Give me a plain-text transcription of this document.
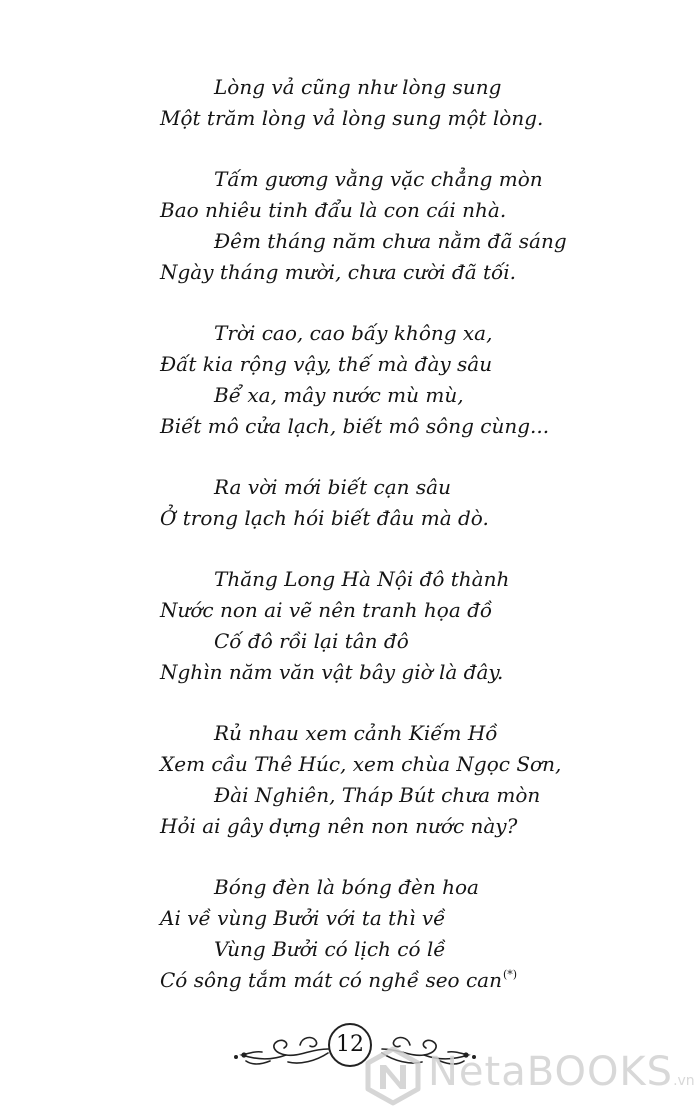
Lòng vả cũng như lòng sung
Một trăm lòng vả lòng sung một lòng.
Tấm gương vằng vặc chẳng mòn
Bao nhiêu tinh đẩu là con cái nhà.
Đêm tháng năm chưa nằm đã sáng
Ngày tháng mười, chưa cười đã tối.
Trời cao, cao bấy không xa,
Đất kia rộng vậy, thế mà đày sâu
Bể xa, mây nước mù mù,
Biết mô cửa lạch, biết mô sông cùng...
Ra vời mới biết cạn sâu
Ở trong lạch hói biết đâu mà dò.
Thăng Long Hà Nội đô thành
Nước non ai vẽ nên tranh họa đồ
Cố đô rồi lại tân đô
Nghìn năm văn vật bây giờ là đây.
Rủ nhau xem cảnh Kiếm Hồ
Xem cầu Thê Húc, xem chùa Ngọc Sơn,
Đài Nghiên, Tháp Bút chưa mòn
Hỏi ai gây dựng nên non nước này?
Bóng đèn là bóng đèn hoa
Ai về vùng Bưởi với ta thì về
Vùng Bưởi có lịch có lề
Có sông tắm mát có nghề seo can(*)
12
NetaBOOKS.vn
